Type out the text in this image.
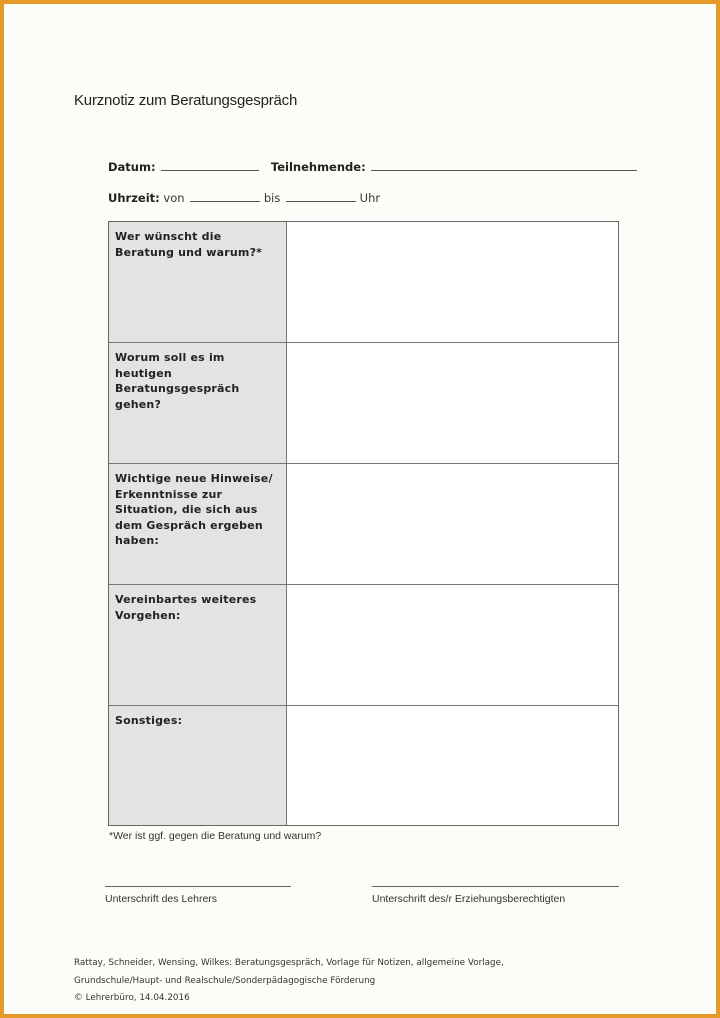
Kurznotiz zum Beratungsgespräch
Datum:	Teilnehmende:
Uhrzeit: von	bis	Uhr
Wer wünscht die Beratung und warum?*
Worum soll es im heutigen Beratungsgespräch gehen?
Wichtige neue Hinweise/ Erkenntnisse zur Situation, die sich aus dem Gespräch ergeben haben:
Vereinbartes weiteres Vorgehen:
Sonstiges:
*Wer ist ggf. gegen die Beratung und warum?
Unterschrift des Lehrers	Unterschrift des/r Erziehungsberechtigten
Rattay, Schneider, Wensing, Wilkes: Beratungsgespräch, Vorlage für Notizen, allgemeine Vorlage,
Grundschule/Haupt- und Realschule/Sonderpädagogische Förderung
© Lehrerbüro, 14.04.2016
